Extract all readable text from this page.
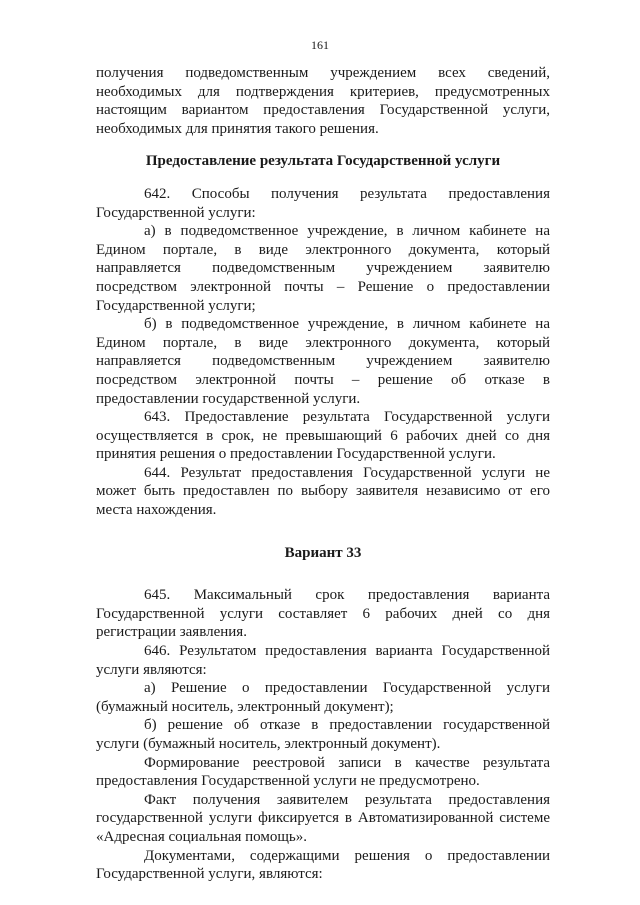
161

получения подведомственным учреждением всех сведений, необходимых для подтверждения критериев, предусмотренных настоящим вариантом предоставления Государственной услуги, необходимых для принятия такого решения.

Предоставление результата Государственной услуги

642. Способы получения результата предоставления Государственной услуги:

а) в подведомственное учреждение, в личном кабинете на Едином портале, в виде электронного документа, который направляется подведомственным учреждением заявителю посредством электронной почты – Решение о предоставлении Государственной услуги;

б) в подведомственное учреждение, в личном кабинете на Едином портале, в виде электронного документа, который направляется подведомственным учреждением заявителю посредством электронной почты – решение об отказе в предоставлении государственной услуги.

643. Предоставление результата Государственной услуги осуществляется в срок, не превышающий 6 рабочих дней со дня принятия решения о предоставлении Государственной услуги.

644. Результат предоставления Государственной услуги не может быть предоставлен по выбору заявителя независимо от его места нахождения.

Вариант 33

645. Максимальный срок предоставления варианта Государственной услуги составляет 6 рабочих дней со дня регистрации заявления.

646. Результатом предоставления варианта Государственной услуги являются:

а) Решение о предоставлении Государственной услуги (бумажный носитель, электронный документ);

б) решение об отказе в предоставлении государственной услуги (бумажный носитель, электронный документ).

Формирование реестровой записи в качестве результата предоставления Государственной услуги не предусмотрено.

Факт получения заявителем результата предоставления государственной услуги фиксируется в Автоматизированной системе «Адресная социальная помощь».

Документами, содержащими решения о предоставлении Государственной услуги, являются:
